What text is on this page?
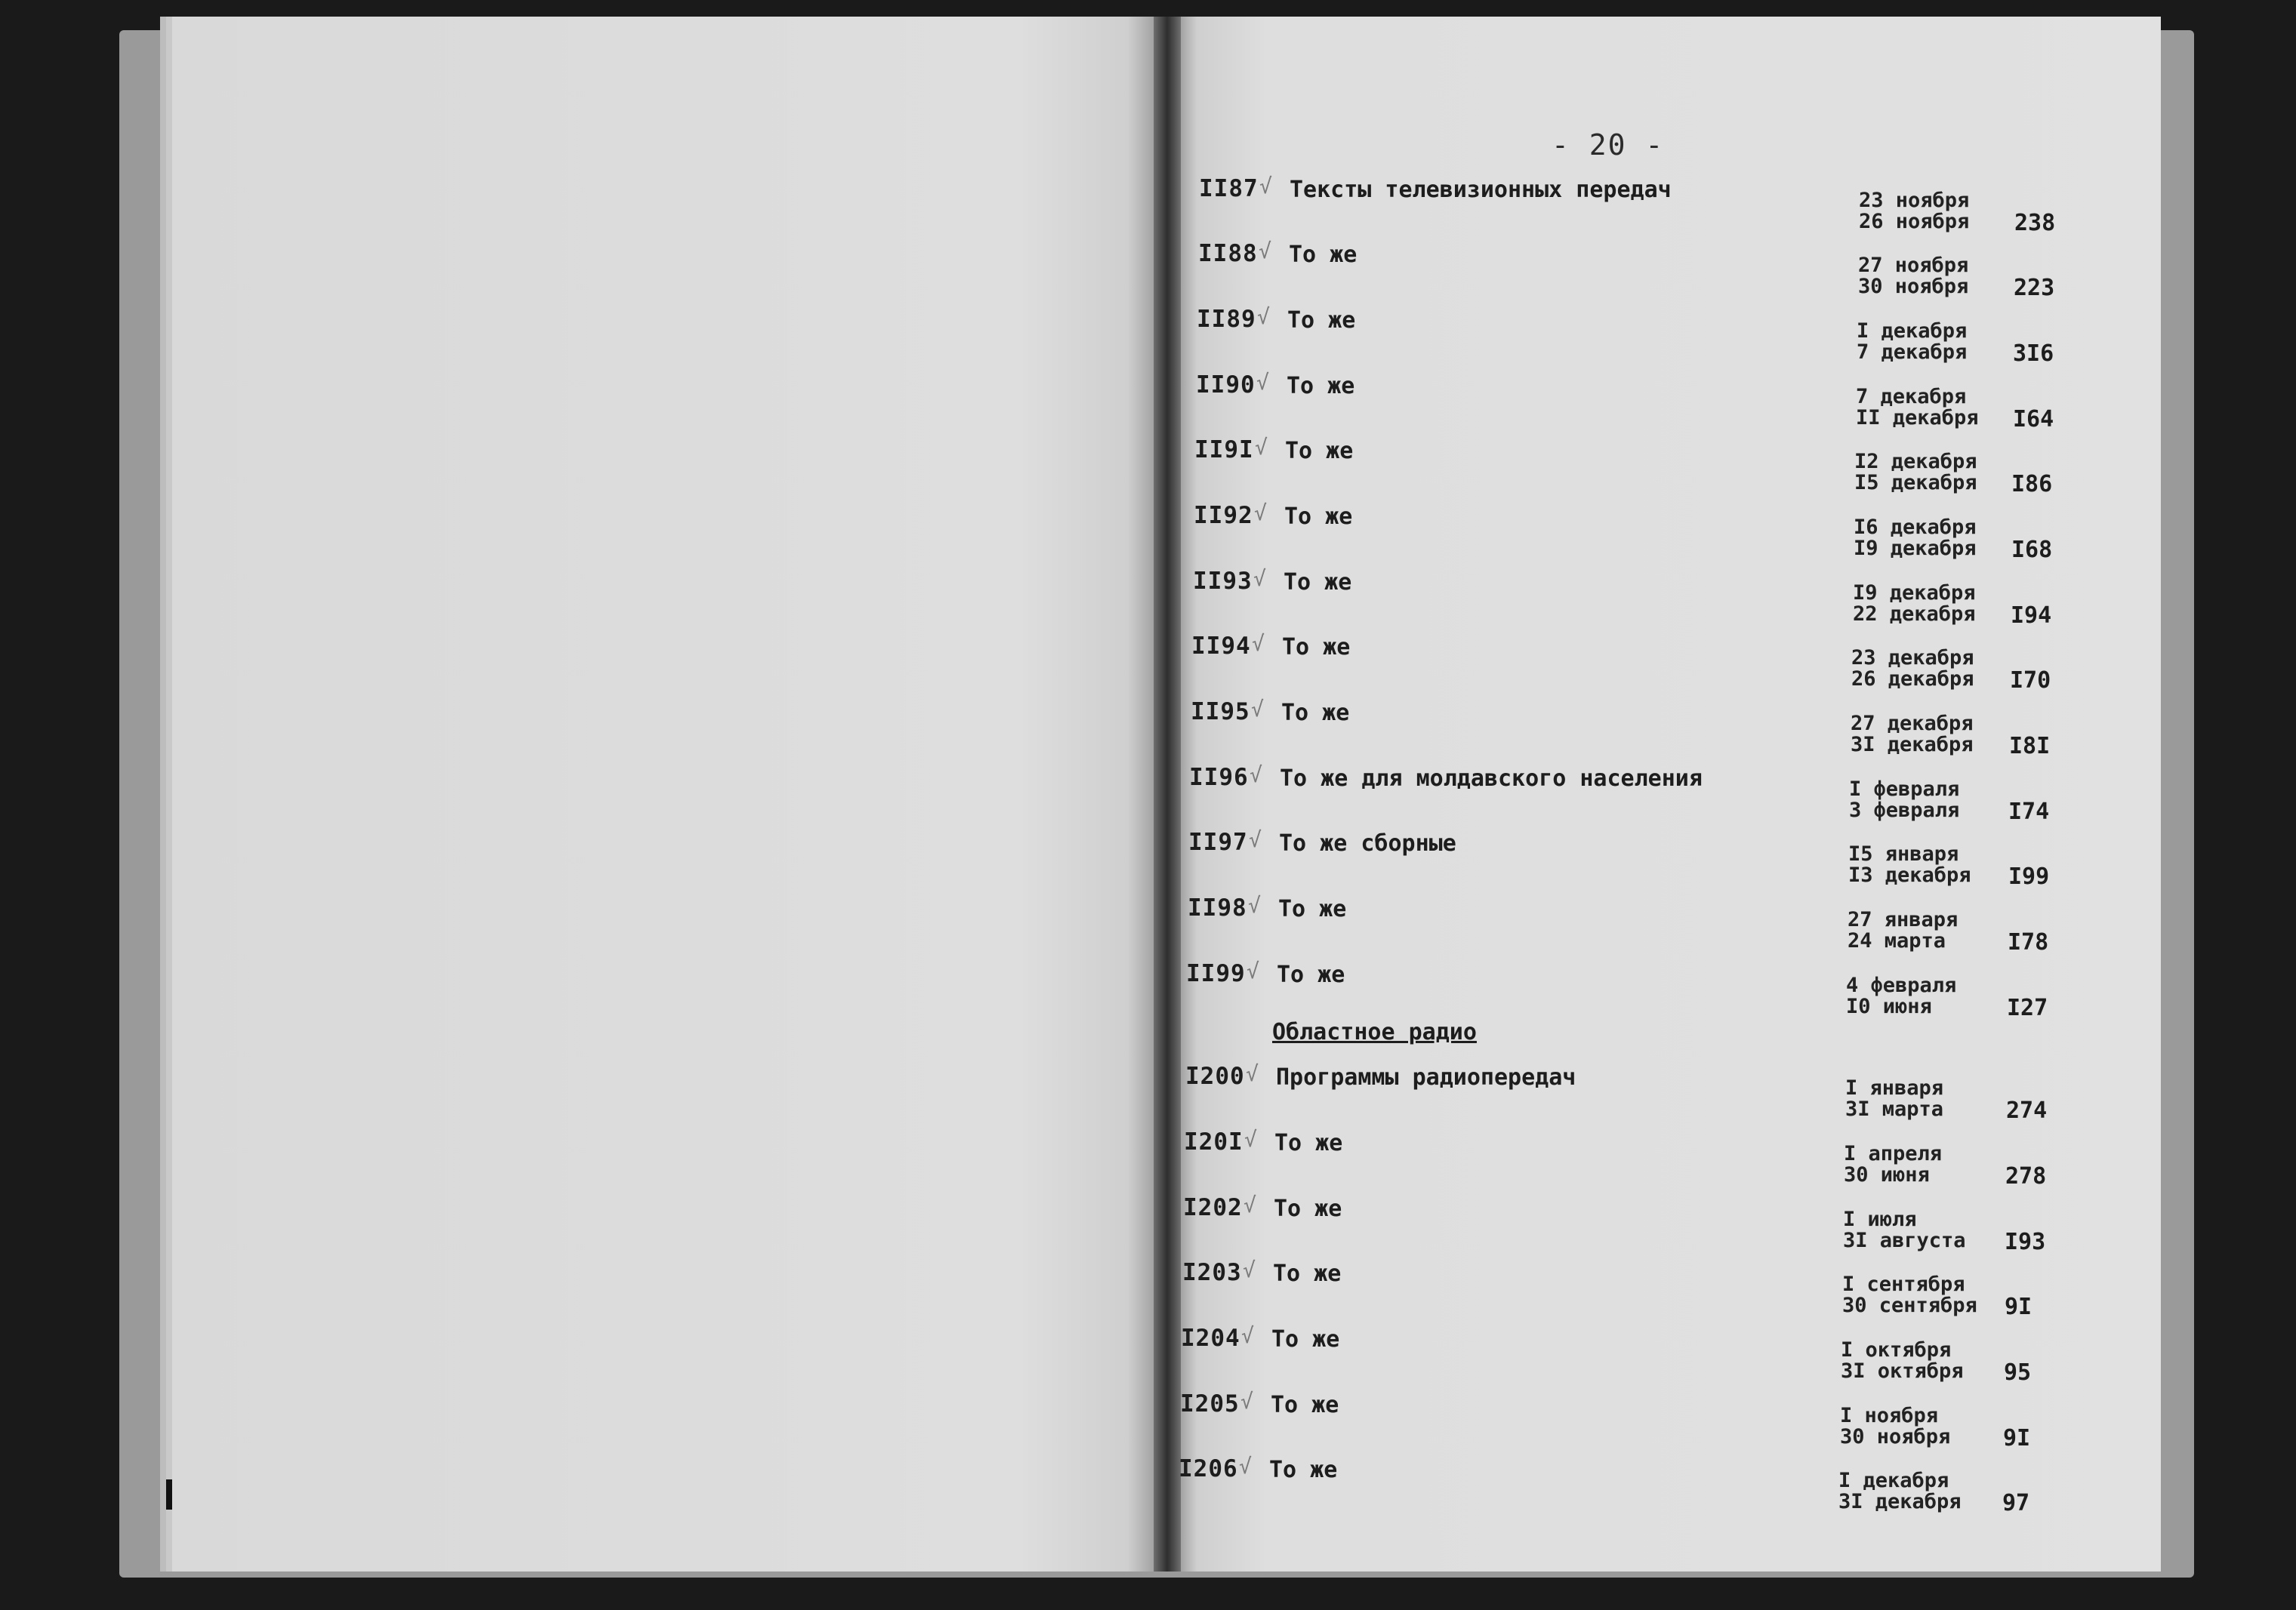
- 20 -
Областное радио
II87 √ Тексты телевизионных передач	23 ноября
26 ноября 238
II88 √ То же	27 ноября
30 ноября 223
II89 √ То же	I декабря
7 декабря 3I6
II90 √ То же	7 декабря
II декабря I64
II9I √ То же	I2 декабря
I5 декабря I86
II92 √ То же	I6 декабря
I9 декабря I68
II93 √ То же	I9 декабря
22 декабря I94
II94 √ То же	23 декабря
26 декабря I70
II95 √ То же	27 декабря
3I декабря I8I
II96 √ То же для молдавского населения	I февраля
3 февраля I74
II97 √ То же сборные	I5 января
I3 декабря I99
II98 √ То же	27 января
24 марта	I78
II99 √ То же	4 февраля
I0 июня	I27
I200 √ Программы радиопередач	I января
3I марта	274
I20I √ То же	I апреля
30 июня	278
I202 √ То же	I июля
3I августа I93
I203 √ То же	I сентября
30 сентября 9I
I204 √ То же	I октября
3I октября 95
I205 √ То же	I ноября
30 ноября 9I
I206 √ То же	I декабря
3I декабря 97
